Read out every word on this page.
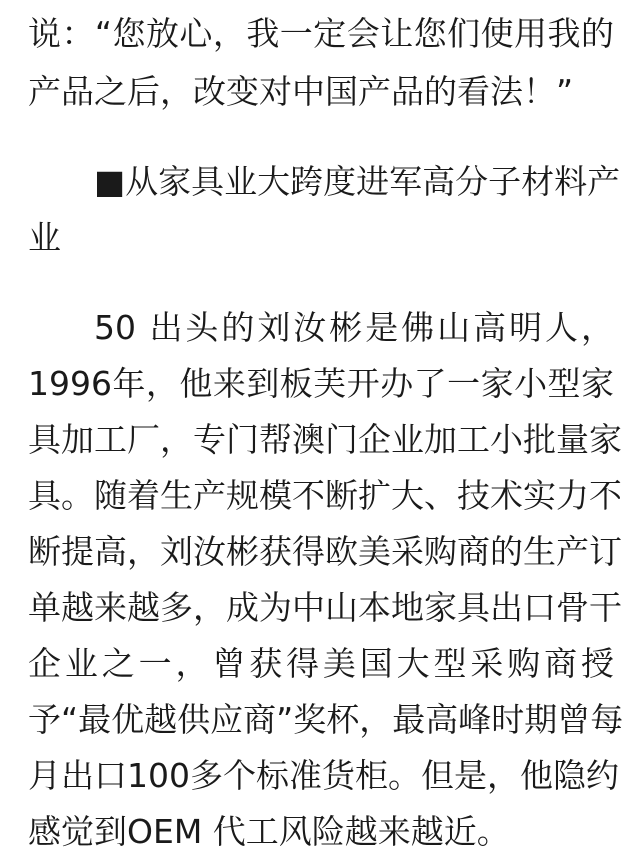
说：“您放心，我一定会让您们使用我的
产品之后，改变对中国产品的看法！”
■从家具业大跨度进军高分子材料产
业
50 出头的刘汝彬是佛山高明人，
1996年，他来到板芙开办了一家小型家
具加工厂，专门帮澳门企业加工小批量家
具。随着生产规模不断扩大、技术实力不
断提高，刘汝彬获得欧美采购商的生产订
单越来越多，成为中山本地家具出口骨干
企业之一，曾获得美国大型采购商授
予“最优越供应商”奖杯，最高峰时期曾每
月出口100多个标准货柜。但是，他隐约
感觉到OEM 代工风险越来越近。
